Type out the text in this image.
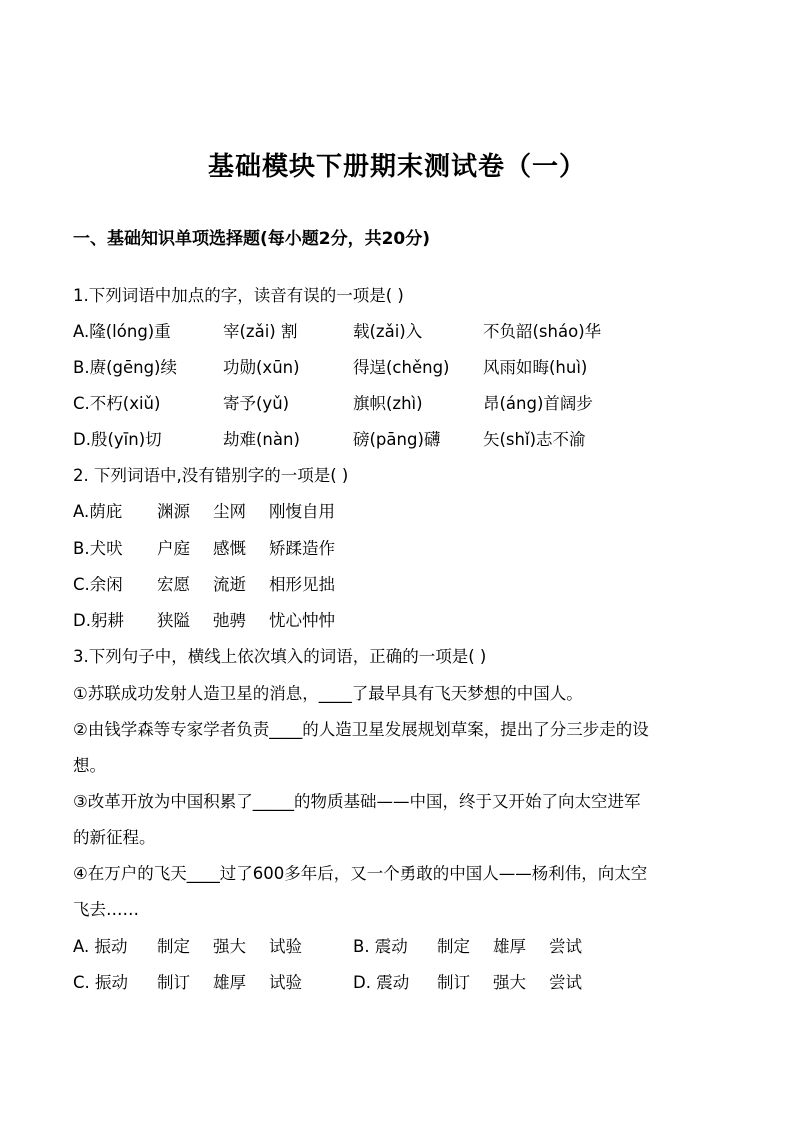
基础模块下册期末测试卷（一）
一、基础知识单项选择题(每小题2分，共20分)
1.下列词语中加点的字，读音有误的一项是( )
A.隆(lóng)重	宰(zǎi) 割	载(zǎi)入	不负韶(sháo)华
B.赓(gēng)续	功勋(xūn)	得逞(chěng) 风雨如晦(huì)
C.不朽(xiǔ)	寄予(yǔ)	旗帜(zhì)	昂(áng)首阔步
D.殷(yīn)切	劫难(nàn)	磅(pāng)礴	矢(shǐ)志不渝
2. 下列词语中,没有错别字的一项是( )
A.荫庇 渊源 尘网 刚愎自用
B.犬吠 户庭 感慨 矫蹂造作
C.余闲 宏愿 流逝 相形见拙
D.躬耕 狭隘 弛骋 忧心忡忡
3.下列句子中，横线上依次填入的词语，正确的一项是( )
①苏联成功发射人造卫星的消息，____了最早具有飞天梦想的中国人。
②由钱学森等专家学者负责____的人造卫星发展规划草案，提出了分三步走的设
想。
③改革开放为中国积累了_____的物质基础——中国，终于又开始了向太空进军
的新征程。
④在万户的飞天____过了600多年后，又一个勇敢的中国人——杨利伟，向太空
飞去……
A. 振动 制定 强大 试验	B. 震动 制定 雄厚 尝试
C. 振动 制订 雄厚 试验	D. 震动 制订 强大 尝试
